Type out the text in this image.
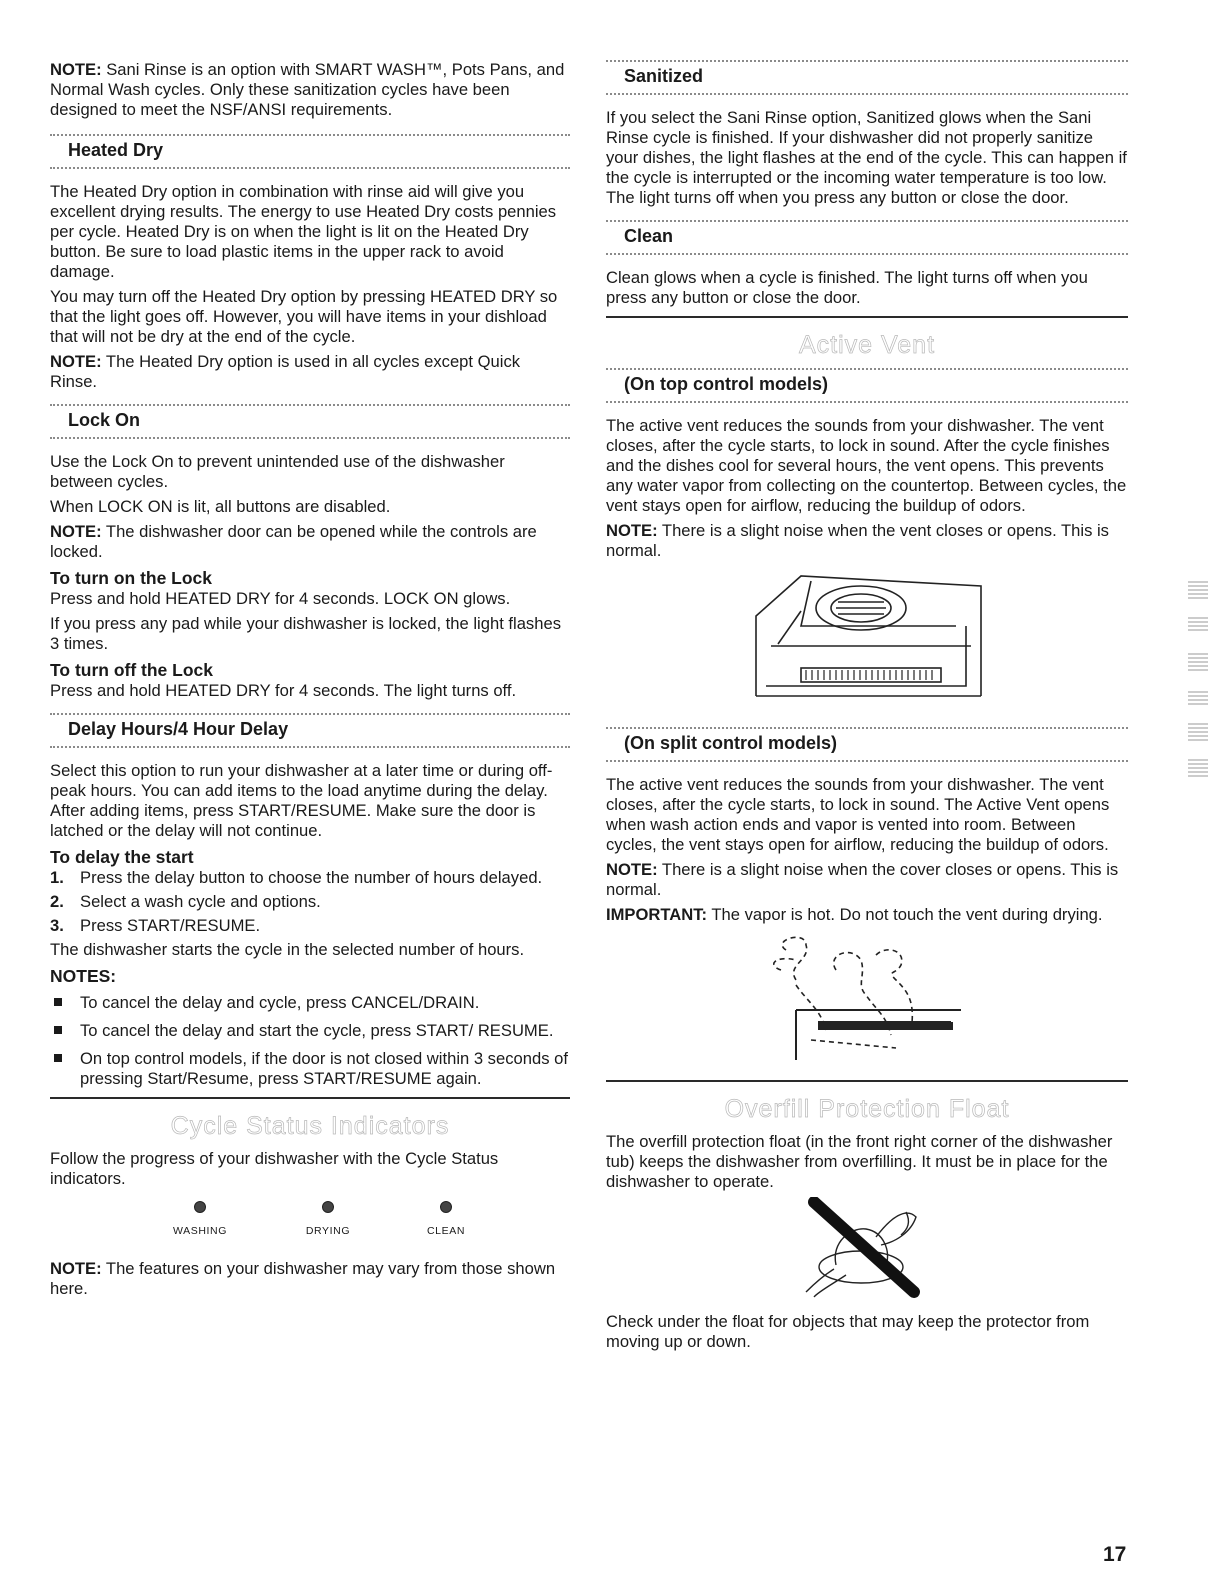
NOTE: Sani Rinse is an option with SMART WASH™, Pots Pans, and Normal Wash cycles. Only these sanitization cycles have been designed to meet the NSF/ANSI requirements.

Heated Dry

The Heated Dry option in combination with rinse aid will give you excellent drying results. The energy to use Heated Dry costs pennies per cycle. Heated Dry is on when the light is lit on the Heated Dry button. Be sure to load plastic items in the upper rack to avoid damage.

You may turn off the Heated Dry option by pressing HEATED DRY so that the light goes off. However, you will have items in your dishload that will not be dry at the end of the cycle.

NOTE: The Heated Dry option is used in all cycles except Quick Rinse.

Lock On

Use the Lock On to prevent unintended use of the dishwasher between cycles.

When LOCK ON is lit, all buttons are disabled.

NOTE: The dishwasher door can be opened while the controls are locked.

To turn on the Lock

Press and hold HEATED DRY for 4 seconds. LOCK ON glows.

If you press any pad while your dishwasher is locked, the light flashes 3 times.

To turn off the Lock

Press and hold HEATED DRY for 4 seconds. The light turns off.

Delay Hours/4 Hour Delay

Select this option to run your dishwasher at a later time or during off-peak hours. You can add items to the load anytime during the delay. After adding items, press START/RESUME. Make sure the door is latched or the delay will not continue.

To delay the start
1. Press the delay button to choose the number of hours delayed.
2. Select a wash cycle and options.
3. Press START/RESUME.

The dishwasher starts the cycle in the selected number of hours.

NOTES:
To cancel the delay and cycle, press CANCEL/DRAIN.
To cancel the delay and start the cycle, press START/ RESUME.
On top control models, if the door is not closed within 3 seconds of pressing Start/Resume, press START/RESUME again.
Cycle Status Indicators

Follow the progress of your dishwasher with the Cycle Status indicators.

WASHING	DRYING	CLEAN

NOTE: The features on your dishwasher may vary from those shown here.

Sanitized

If you select the Sani Rinse option, Sanitized glows when the Sani Rinse cycle is finished. If your dishwasher did not properly sanitize your dishes, the light flashes at the end of the cycle. This can happen if the cycle is interrupted or the incoming water temperature is too low. The light turns off when you press any button or close the door.

Clean

Clean glows when a cycle is finished. The light turns off when you press any button or close the door.

Active Vent
(On top control models)

The active vent reduces the sounds from your dishwasher. The vent closes, after the cycle starts, to lock in sound. After the cycle finishes and the dishes cool for several hours, the vent opens. This prevents any water vapor from collecting on the countertop. Between cycles, the vent stays open for airflow, reducing the buildup of odors.

NOTE: There is a slight noise when the vent closes or opens. This is normal.

(On split control models)

The active vent reduces the sounds from your dishwasher. The vent closes, after the cycle starts, to lock in sound. The Active Vent opens when wash action ends and vapor is vented into room. Between cycles, the vent stays open for airflow, reducing the buildup of odors.

NOTE: There is a slight noise when the cover closes or opens. This is normal.

IMPORTANT: The vapor is hot. Do not touch the vent during drying.

Overfill Protection Float

The overfill protection float (in the front right corner of the dishwasher tub) keeps the dishwasher from overfilling. It must be in place for the dishwasher to operate.

Check under the float for objects that may keep the protector from moving up or down.

17
